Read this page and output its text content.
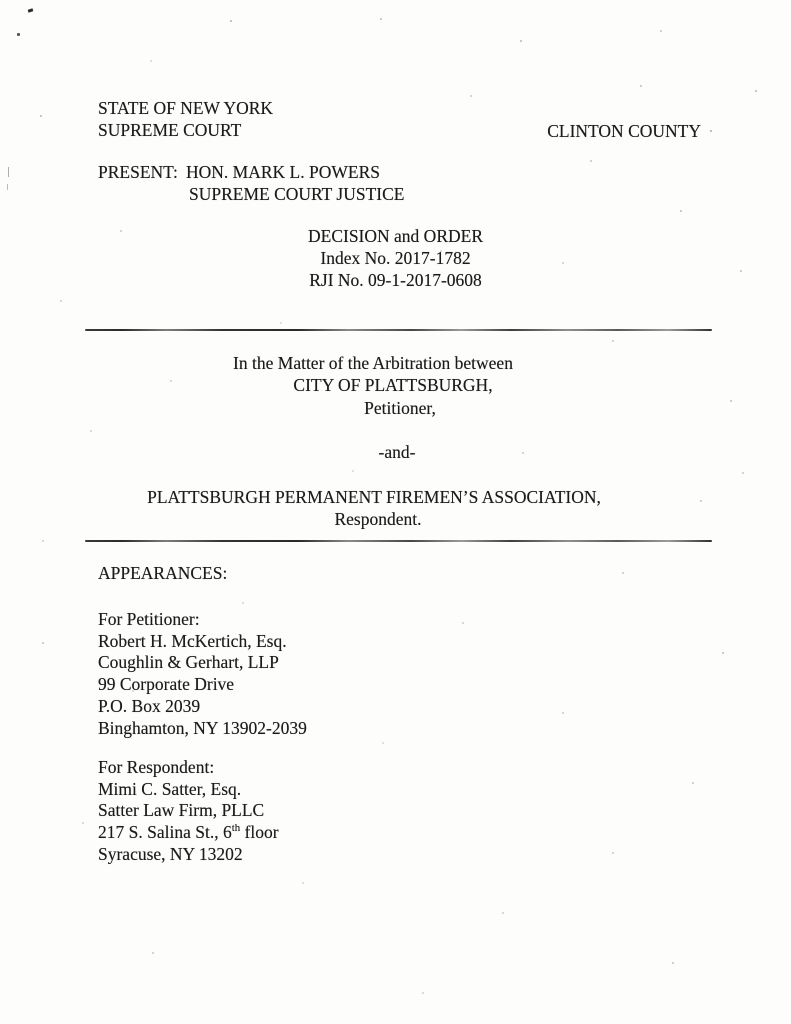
STATE OF NEW YORK
SUPREME COURT	CLINTON COUNTY
PRESENT: HON. MARK L. POWERS
SUPREME COURT JUSTICE
DECISION and ORDER
Index No. 2017-1782
RJI No. 09-1-2017-0608
In the Matter of the Arbitration between
CITY OF PLATTSBURGH,
Petitioner,
-and-
PLATTSBURGH PERMANENT FIREMEN’S ASSOCIATION,
Respondent.
APPEARANCES:
For Petitioner:
Robert H. McKertich, Esq.
Coughlin & Gerhart, LLP
99 Corporate Drive
P.O. Box 2039
Binghamton, NY 13902-2039
For Respondent:
Mimi C. Satter, Esq.
Satter Law Firm, PLLC
217 S. Salina St., 6th floor
Syracuse, NY 13202
